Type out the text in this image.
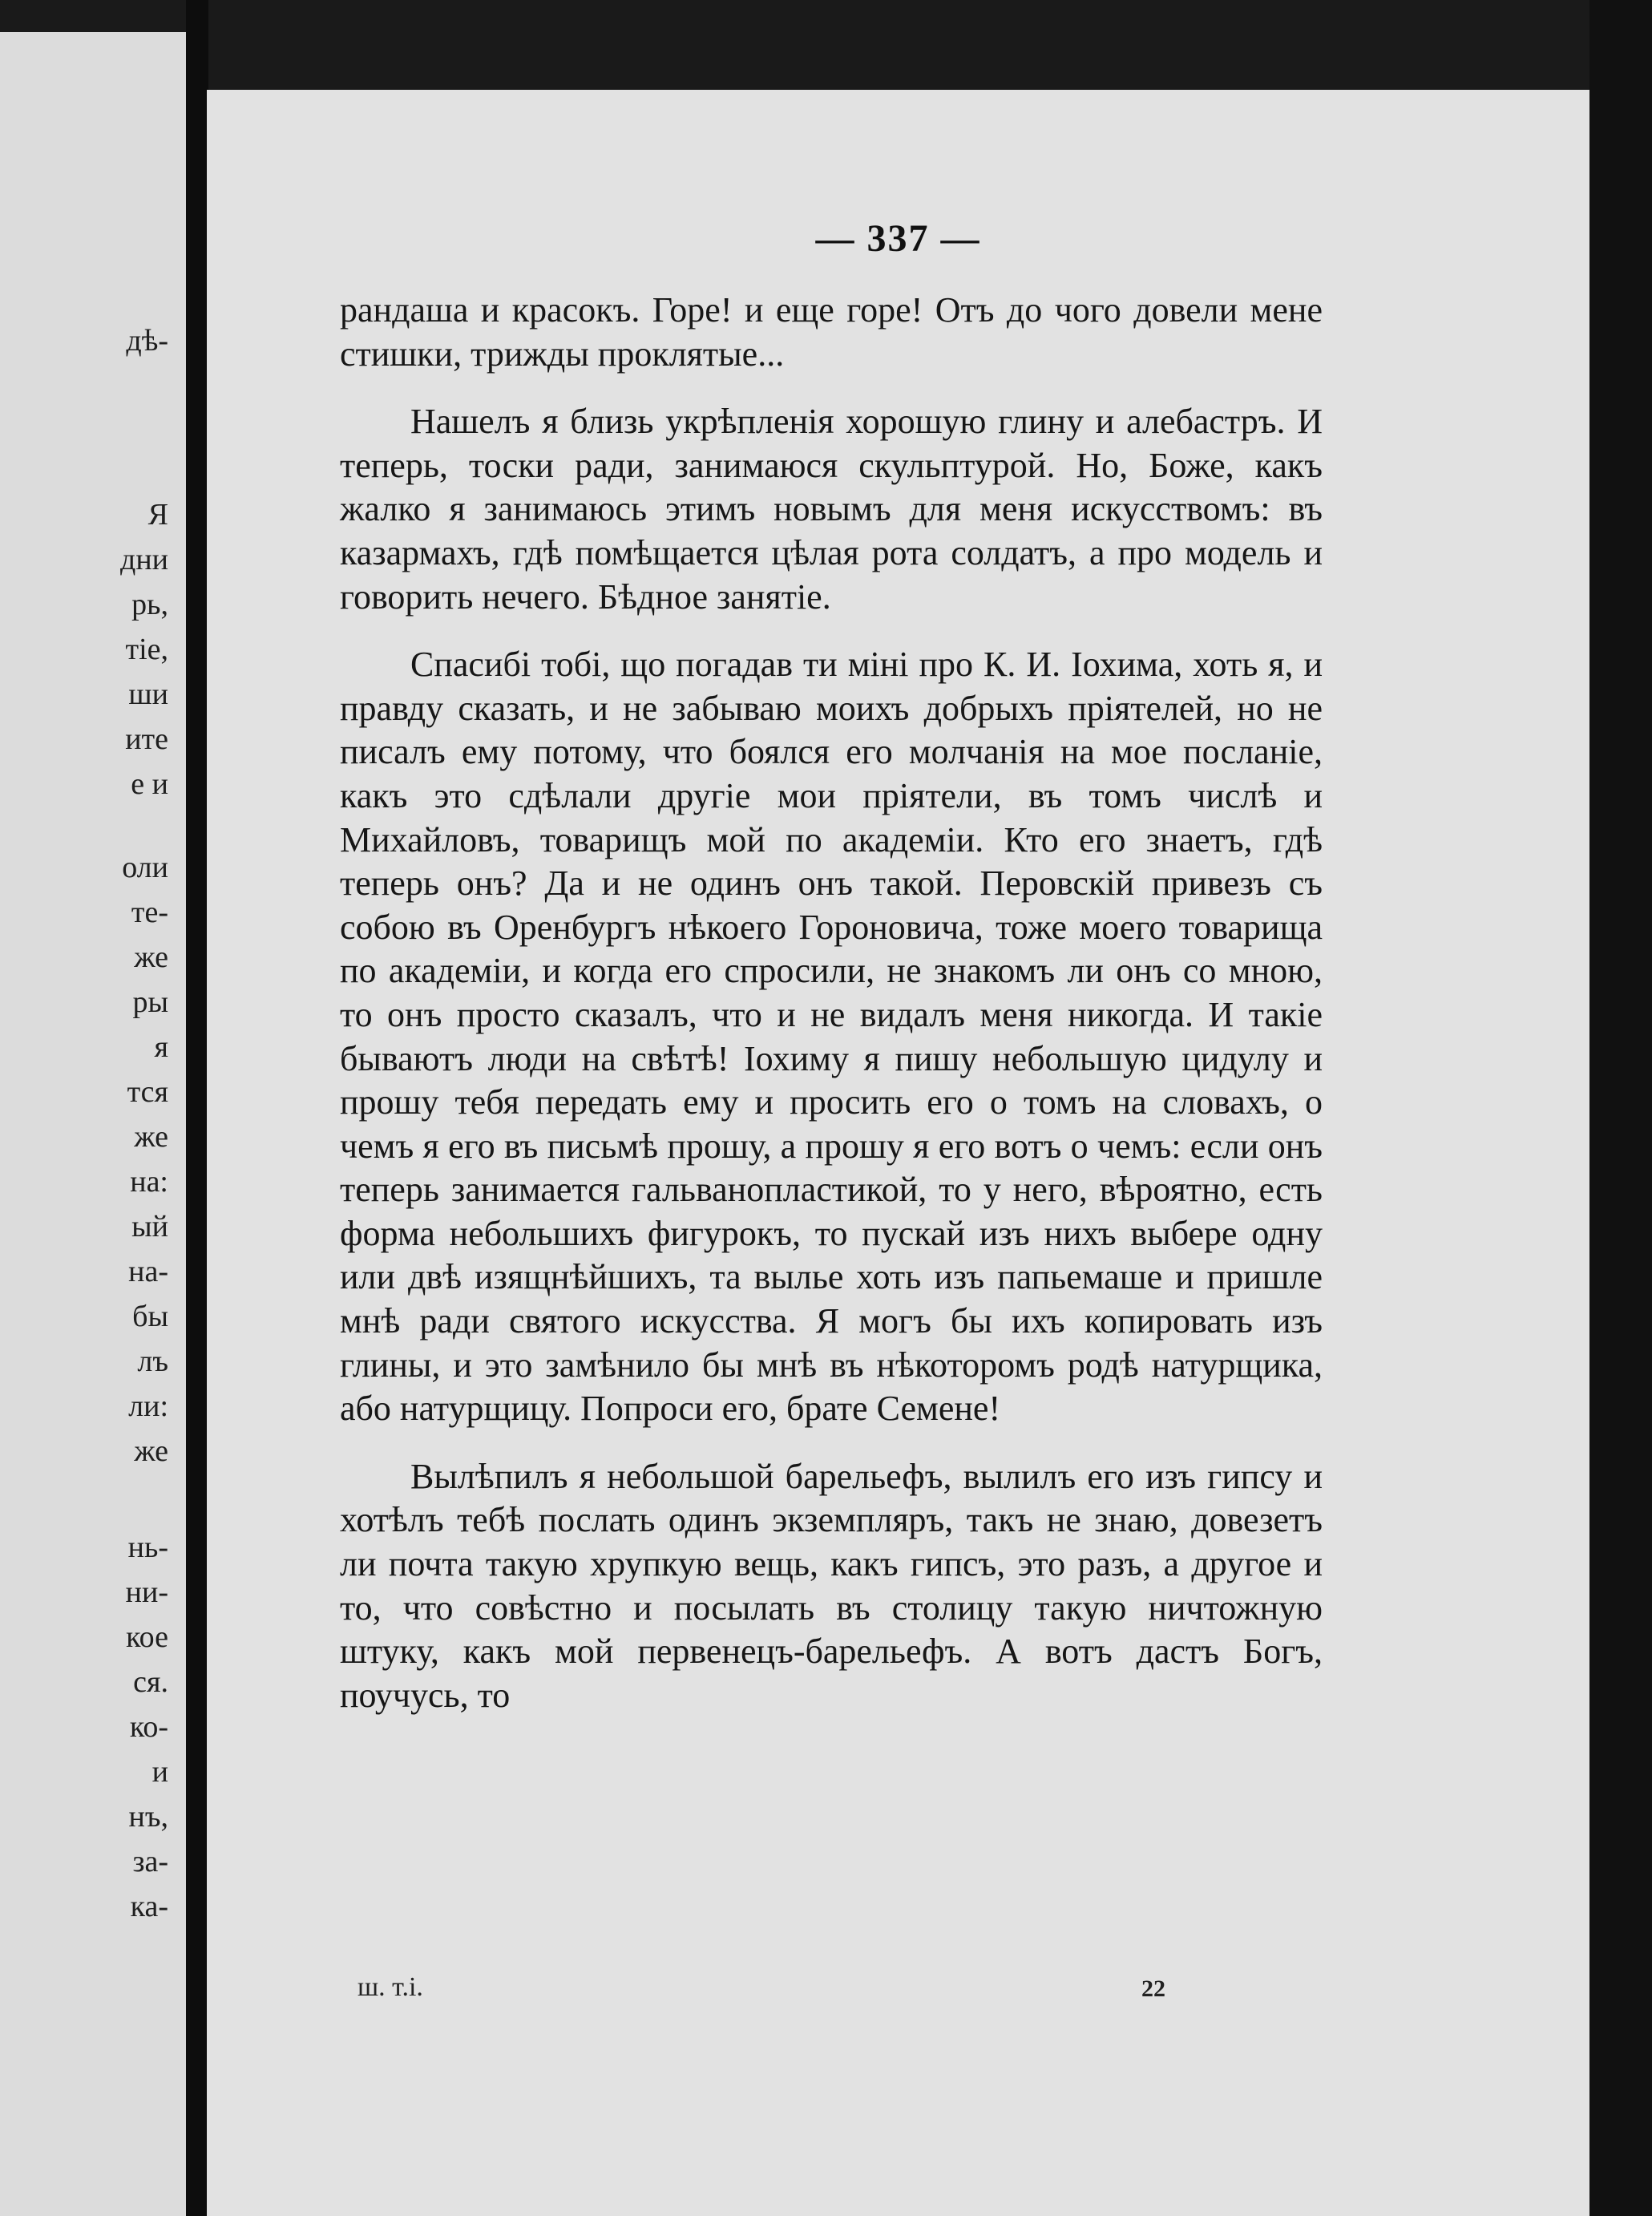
дѣ-
Я
дни
рь,
тіе,
ши
ите
е и
оли
те-
же
ры
я
тся
же
на:
ый
на-
бы
лъ
ли:
же
нь-
ни-
кое
ся.
ко-
и
нъ,
за-
ка-
— 337 —

рандаша и красокъ. Горе! и еще горе! Отъ до чого довели мене стишки, трижды проклятые...

Нашелъ я близь укрѣпленія хорошую глину и алебастръ. И теперь, тоски ради, занимаюся скульптурой. Но, Боже, какъ жалко я занимаюсь этимъ новымъ для меня искусствомъ: въ казармахъ, гдѣ помѣщается цѣлая рота солдатъ, а про модель и говорить нечего. Бѣдное занятіе.

Спасибі тобі, що погадав ти міні про К. И. Іохима, хоть я, и правду сказать, и не забываю моихъ добрыхъ пріятелей, но не писалъ ему потому, что боялся его молчанія на мое посланіе, какъ это сдѣлали другіе мои пріятели, въ томъ числѣ и Михайловъ, товарищъ мой по академіи. Кто его знаетъ, гдѣ теперь онъ? Да и не одинъ онъ такой. Перовскій привезъ съ собою въ Оренбургъ нѣкоего Гороновича, тоже моего товарища по академіи, и когда его спросили, не знакомъ ли онъ со мною, то онъ просто сказалъ, что и не видалъ меня никогда. И такіе бываютъ люди на свѣтѣ! Іохиму я пишу небольшую цидулу и прошу тебя передать ему и просить его о томъ на словахъ, о чемъ я его въ письмѣ прошу, а прошу я его вотъ о чемъ: если онъ теперь занимается гальванопластикой, то у него, вѣроятно, есть форма небольшихъ фигурокъ, то пускай изъ нихъ выбере одну или двѣ изящнѣйшихъ, та вылье хоть изъ папьемаше и пришле мнѣ ради святого искусства. Я могъ бы ихъ копировать изъ глины, и это замѣнило бы мнѣ въ нѣкоторомъ родѣ натурщика, або натурщицу. Попроси его, брате Семене!

Вылѣпилъ я небольшой барельефъ, вылилъ его изъ гипсу и хотѣлъ тебѣ послать одинъ экземпляръ, такъ не знаю, довезетъ ли почта такую хрупкую вещь, какъ гипсъ, это разъ, а другое и то, что совѣстно и посылать въ столицу такую ничтожную штуку, какъ мой первенецъ-барельефъ. А вотъ дастъ Богъ, поучусь, то

ш. т.і.	22
